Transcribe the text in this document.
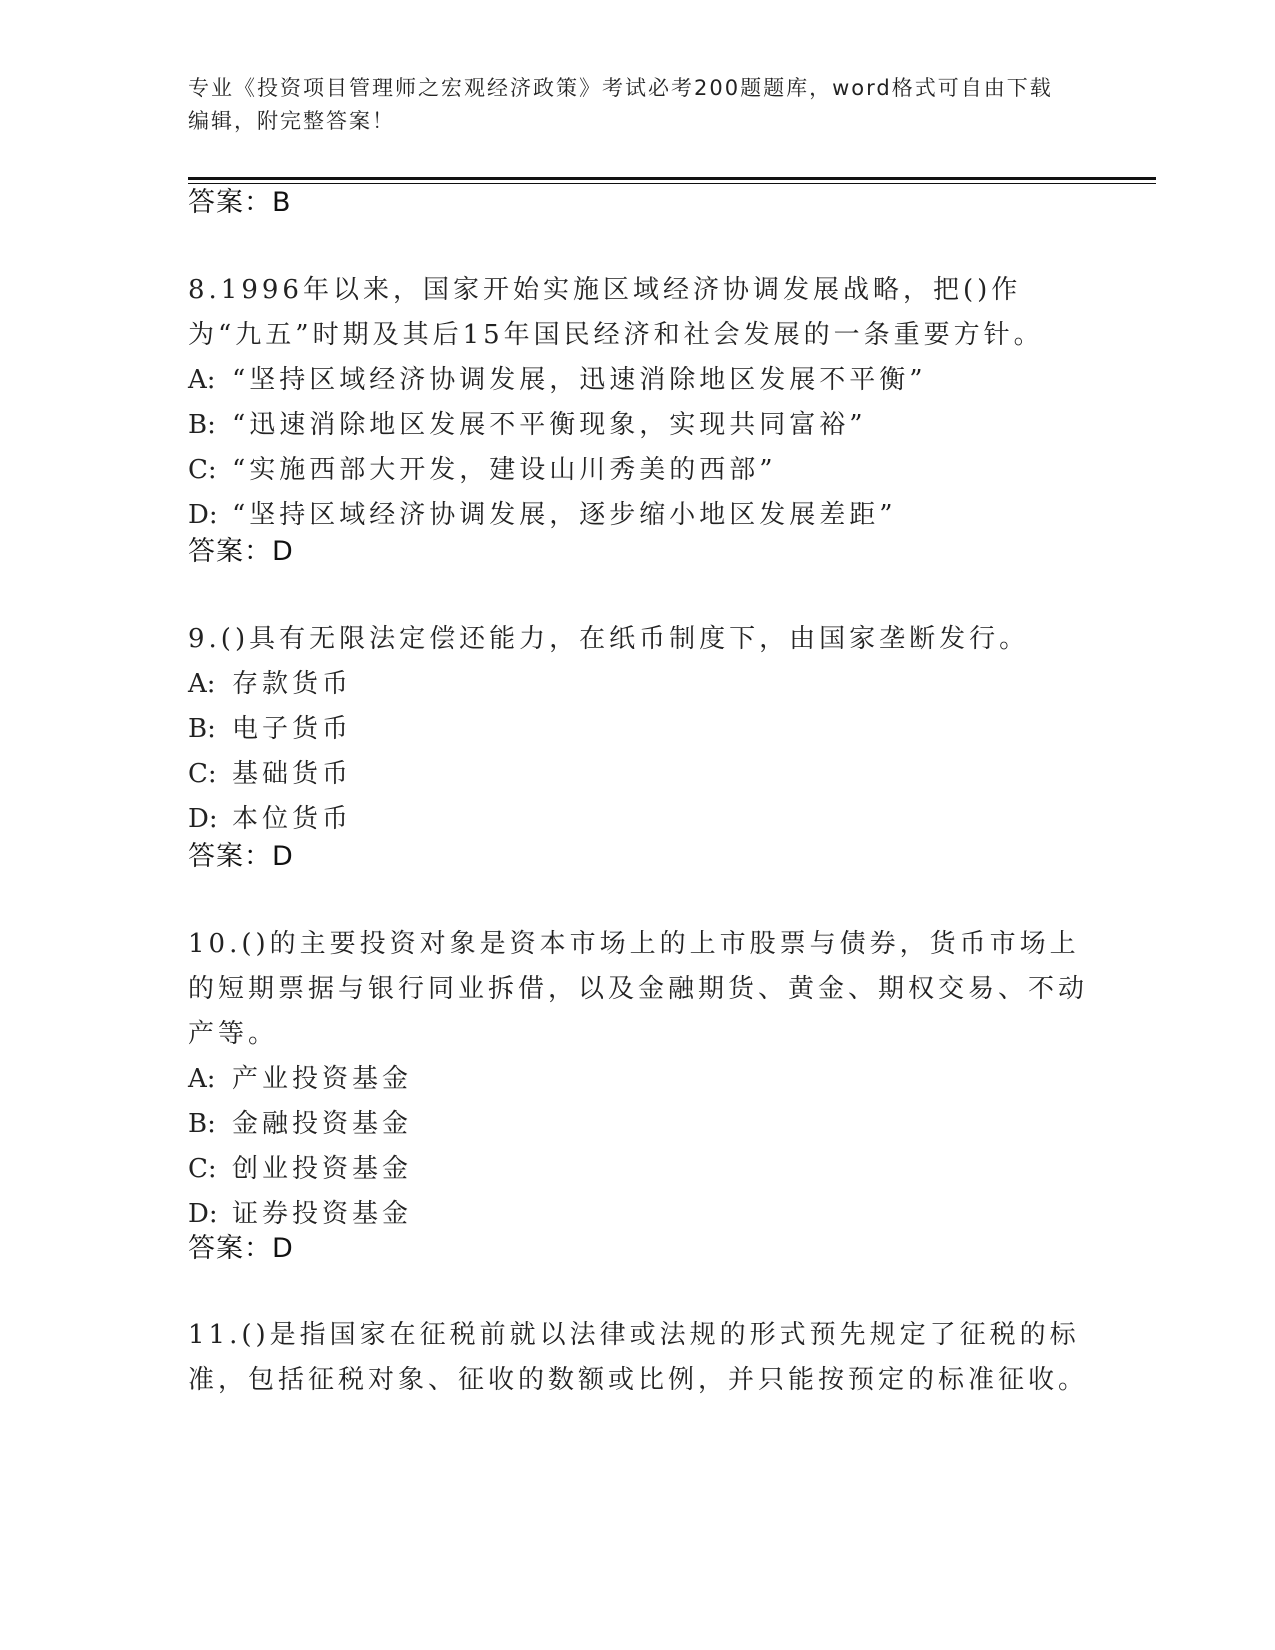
专业《投资项目管理师之宏观经济政策》考试必考200题题库，word格式可自由下载编辑，附完整答案！
答案：B
8.1996年以来，国家开始实施区域经济协调发展战略，把()作为“九五”时期及其后15年国民经济和社会发展的一条重要方针。
A: “坚持区域经济协调发展，迅速消除地区发展不平衡”
B: “迅速消除地区发展不平衡现象，实现共同富裕”
C: “实施西部大开发，建设山川秀美的西部”
D: “坚持区域经济协调发展，逐步缩小地区发展差距”
答案：D
9.()具有无限法定偿还能力，在纸币制度下，由国家垄断发行。
A: 存款货币
B: 电子货币
C: 基础货币
D: 本位货币
答案：D
10.()的主要投资对象是资本市场上的上市股票与债券，货币市场上的短期票据与银行同业拆借，以及金融期货、黄金、期权交易、不动产等。
A: 产业投资基金
B: 金融投资基金
C: 创业投资基金
D: 证券投资基金
答案：D
11.()是指国家在征税前就以法律或法规的形式预先规定了征税的标准，包括征税对象、征收的数额或比例，并只能按预定的标准征收。
